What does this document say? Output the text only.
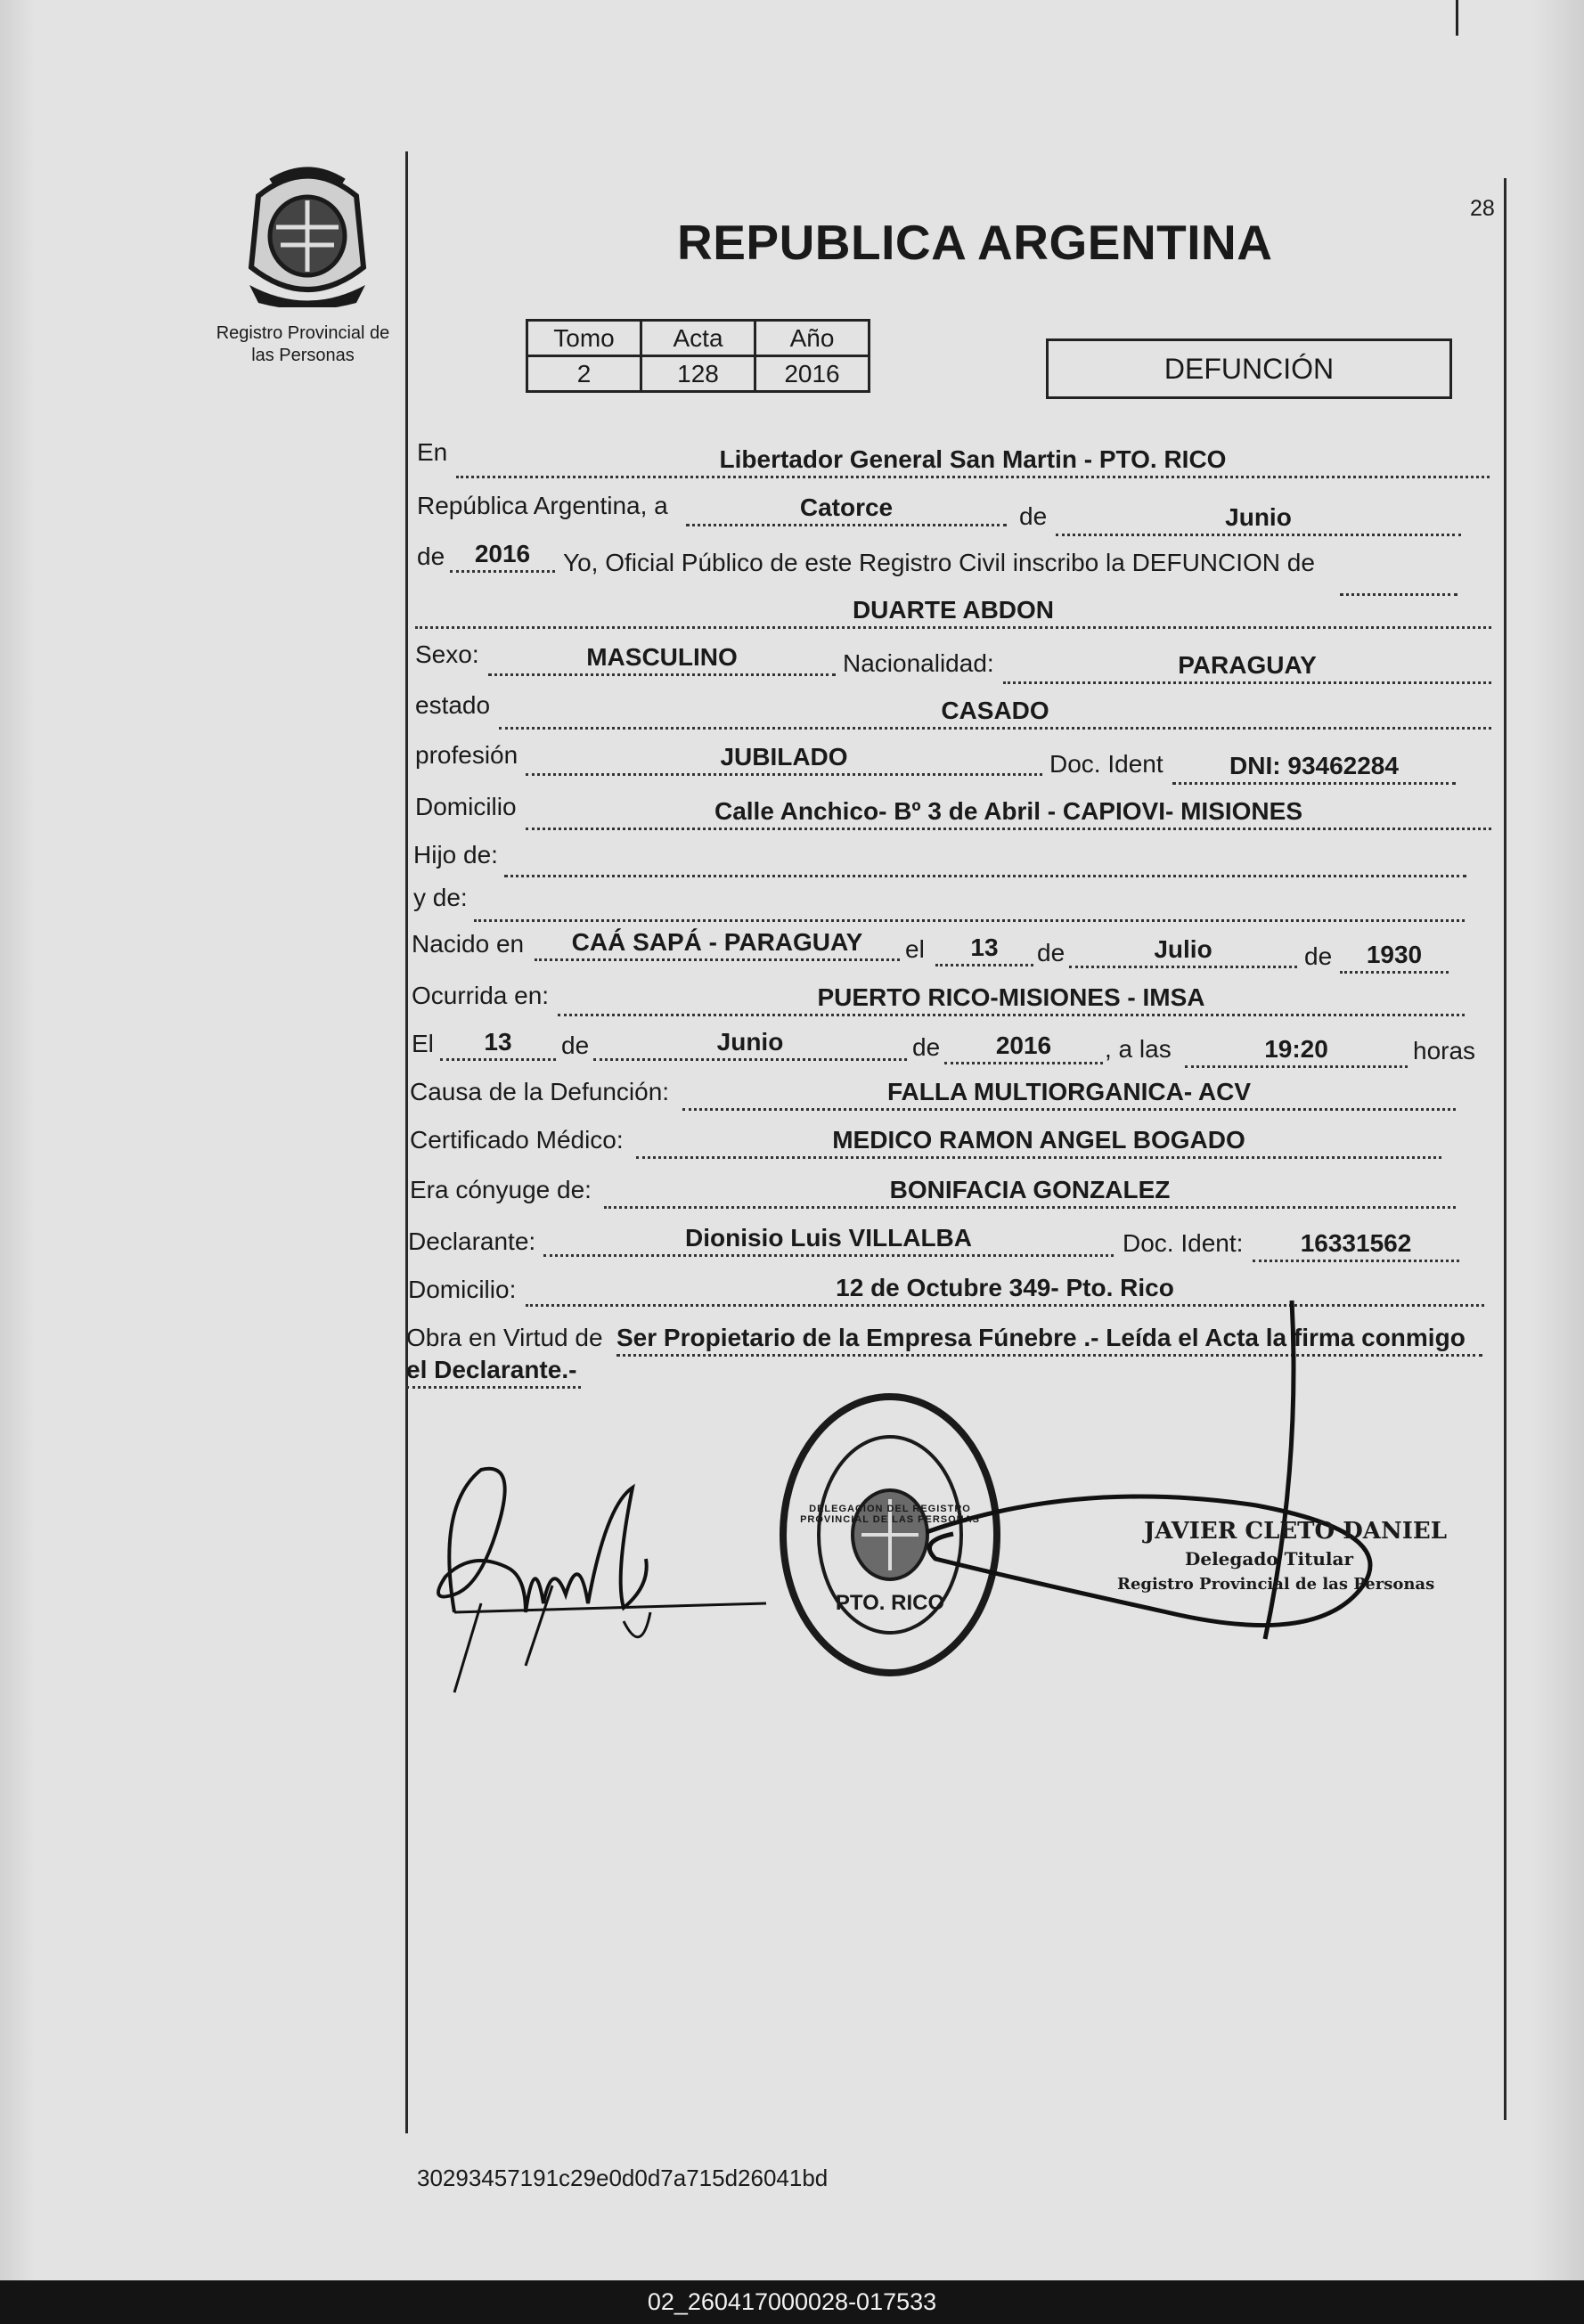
Registro Provincial de las Personas
28
REPUBLICA ARGENTINA
Tomo	Acta	Año
2	128	2016	DEFUNCIÓN
En	Libertador General San Martin - PTO. RICO
República Argentina, a	Catorce	de	Junio
de	2016	Yo, Oficial Público de este Registro Civil inscribo la DEFUNCION de
DUARTE ABDON
Sexo:	MASCULINO	Nacionalidad:	PARAGUAY
estado	CASADO
profesión	JUBILADO	Doc. Ident	DNI: 93462284
Domicilio	Calle Anchico- Bº 3 de Abril - CAPIOVI- MISIONES
Hijo de:
y de:
Nacido en	CAÁ SAPÁ - PARAGUAY	el	13	de	Julio	de	1930
Ocurrida en:	PUERTO RICO-MISIONES - IMSA
El	13	de	Junio	de	2016	, a las	19:20	horas
Causa de la Defunción:	FALLA MULTIORGANICA- ACV
Certificado Médico:	MEDICO RAMON ANGEL BOGADO
Era cónyuge de:	BONIFACIA GONZALEZ
Declarante:	Dionisio Luis VILLALBA	Doc. Ident:	16331562
Domicilio:	12 de Octubre 349- Pto. Rico
Obra en Virtud de Ser Propietario de la Empresa Fúnebre .- Leída el Acta la firma conmigo
el Declarante.-
DELEGACION DEL REGISTRO PROVINCIAL DE LAS PERSONAS
PTO. RICO
JAVIER CLETO DANIEL
Delegado Titular
Registro Provincial de las Personas
30293457191c29e0d0d7a715d26041bd
02_260417000028-017533
